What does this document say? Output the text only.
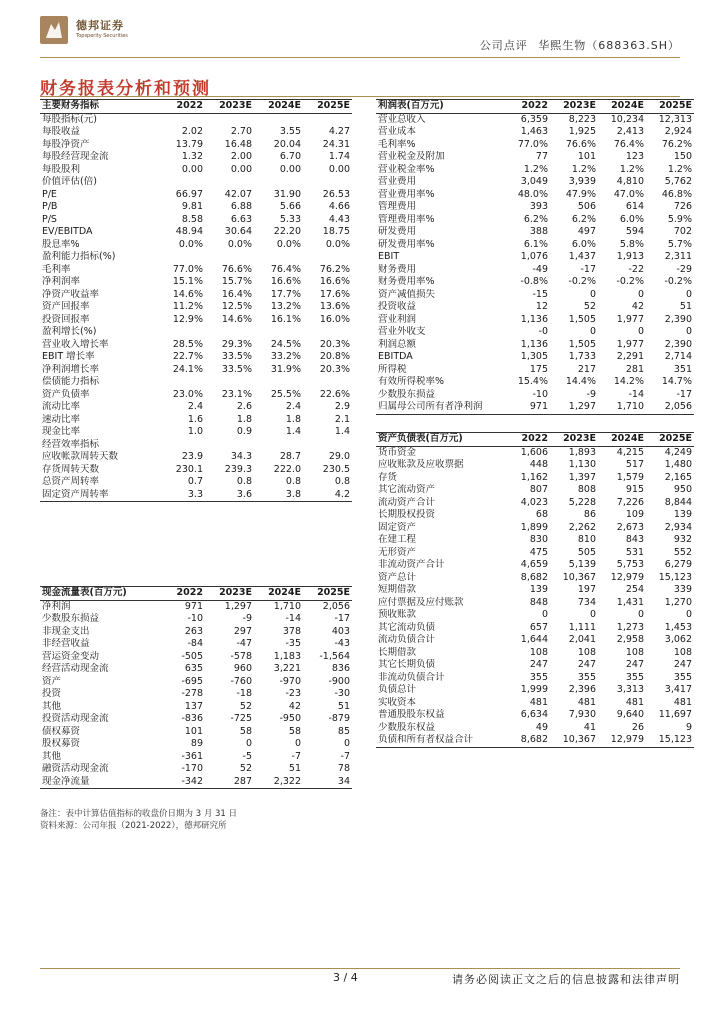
德邦证券
Topsperity Securities
公司点评 华熙生物（688363.SH）
财务报表分析和预测
主要财务指标	2022	2023E	2024E	2025E
每股指标(元)				
每股收益	2.02	2.70	3.55	4.27
每股净资产	13.79	16.48	20.04	24.31
每股经营现金流	1.32	2.00	6.70	1.74
每股股利	0.00	0.00	0.00	0.00
价值评估(倍)				
P/E	66.97	42.07	31.90	26.53
P/B	9.81	6.88	5.66	4.66
P/S	8.58	6.63	5.33	4.43
EV/EBITDA	48.94	30.64	22.20	18.75
股息率%	0.0%	0.0%	0.0%	0.0%
盈利能力指标(%)				
毛利率	77.0%	76.6%	76.4%	76.2%
净利润率	15.1%	15.7%	16.6%	16.6%
净资产收益率	14.6%	16.4%	17.7%	17.6%
资产回报率	11.2%	12.5%	13.2%	13.6%
投资回报率	12.9%	14.6%	16.1%	16.0%
盈利增长(%)				
营业收入增长率	28.5%	29.3%	24.5%	20.3%
EBIT 增长率	22.7%	33.5%	33.2%	20.8%
净利润增长率	24.1%	33.5%	31.9%	20.3%
偿债能力指标				
资产负债率	23.0%	23.1%	25.5%	22.6%
流动比率	2.4	2.6	2.4	2.9
速动比率	1.6	1.8	1.8	2.1
现金比率	1.0	0.9	1.4	1.4
经营效率指标				
应收帐款周转天数	23.9	34.3	28.7	29.0
存货周转天数	230.1	239.3	222.0	230.5
总资产周转率	0.7	0.8	0.8	0.8
固定资产周转率	3.3	3.6	3.8	4.2
利润表(百万元)	2022	2023E	2024E	2025E
营业总收入	6,359	8,223	10,234	12,313
营业成本	1,463	1,925	2,413	2,924
毛利率%	77.0%	76.6%	76.4%	76.2%
营业税金及附加	77	101	123	150
营业税金率%	1.2%	1.2%	1.2%	1.2%
营业费用	3,049	3,939	4,810	5,762
营业费用率%	48.0%	47.9%	47.0%	46.8%
管理费用	393	506	614	726
管理费用率%	6.2%	6.2%	6.0%	5.9%
研发费用	388	497	594	702
研发费用率%	6.1%	6.0%	5.8%	5.7%
EBIT	1,076	1,437	1,913	2,311
财务费用	-49	-17	-22	-29
财务费用率%	-0.8%	-0.2%	-0.2%	-0.2%
资产减值损失	-15	0	0	0
投资收益	12	52	42	51
营业利润	1,136	1,505	1,977	2,390
营业外收支	-0	0	0	0
利润总额	1,136	1,505	1,977	2,390
EBITDA	1,305	1,733	2,291	2,714
所得税	175	217	281	351
有效所得税率%	15.4%	14.4%	14.2%	14.7%
少数股东损益	-10	-9	-14	-17
归属母公司所有者净利润	971	1,297	1,710	2,056
资产负债表(百万元)	2022	2023E	2024E	2025E
货币资金	1,606	1,893	4,215	4,249
应收账款及应收票据	448	1,130	517	1,480
存货	1,162	1,397	1,579	2,165
其它流动资产	807	808	915	950
流动资产合计	4,023	5,228	7,226	8,844
长期股权投资	68	86	109	139
固定资产	1,899	2,262	2,673	2,934
在建工程	830	810	843	932
无形资产	475	505	531	552
非流动资产合计	4,659	5,139	5,753	6,279
资产总计	8,682	10,367	12,979	15,123
短期借款	139	197	254	339
应付票据及应付账款	848	734	1,431	1,270
预收账款	0	0	0	0
其它流动负债	657	1,111	1,273	1,453
流动负债合计	1,644	2,041	2,958	3,062
长期借款	108	108	108	108
其它长期负债	247	247	247	247
非流动负债合计	355	355	355	355
负债总计	1,999	2,396	3,313	3,417
实收资本	481	481	481	481
普通股股东权益	6,634	7,930	9,640	11,697
少数股东权益	49	41	26	9
负债和所有者权益合计	8,682	10,367	12,979	15,123
现金流量表(百万元)	2022	2023E	2024E	2025E
净利润	971	1,297	1,710	2,056
少数股东损益	-10	-9	-14	-17
非现金支出	263	297	378	403
非经营收益	-84	-47	-35	-43
营运资金变动	-505	-578	1,183	-1,564
经营活动现金流	635	960	3,221	836
资产	-695	-760	-970	-900
投资	-278	-18	-23	-30
其他	137	52	42	51
投资活动现金流	-836	-725	-950	-879
债权募资	101	58	58	85
股权募资	89	0	0	0
其他	-361	-5	-7	-7
融资活动现金流	-170	52	51	78
现金净流量	-342	287	2,322	34
备注：表中计算估值指标的收盘价日期为 3 月 31 日
资料来源：公司年报（2021-2022），德邦研究所
3 / 4	请务必阅读正文之后的信息披露和法律声明
